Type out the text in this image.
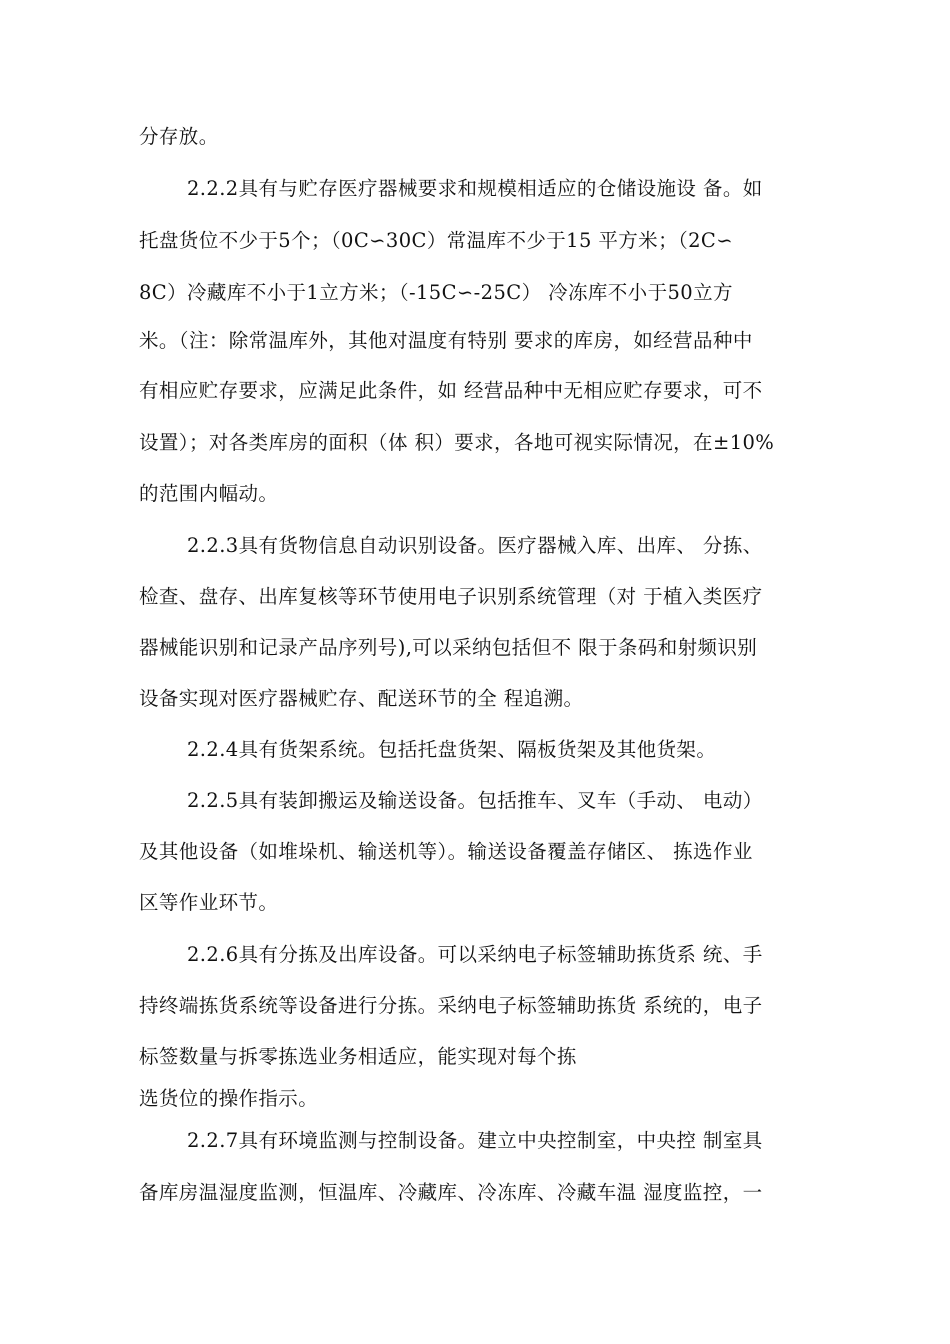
分存放。
2.2.2具有与贮存医疗器械要求和规模相适应的仓储设施设 备。如
托盘货位不少于5个；（0C∽30C）常温库不少于15 平方米；（2C∽
8C）冷藏库不小于1立方米；（-15C∽-25C） 冷冻库不小于50立方
米。（注：除常温库外，其他对温度有特别 要求的库房，如经营品种中
有相应贮存要求，应满足此条件，如 经营品种中无相应贮存要求，可不
设置）；对各类库房的面积（体 积）要求，各地可视实际情况，在±10%
的范围内幅动。
2.2.3具有货物信息自动识别设备。医疗器械入库、出库、 分拣、
检查、盘存、出库复核等环节使用电子识别系统管理（对 于植入类医疗
器械能识别和记录产品序列号),可以采纳包括但不 限于条码和射频识别
设备实现对医疗器械贮存、配送环节的全 程追溯。
2.2.4具有货架系统。包括托盘货架、隔板货架及其他货架。
2.2.5具有装卸搬运及输送设备。包括推车、叉车（手动、 电动）
及其他设备（如堆垛机、输送机等）。输送设备覆盖存储区、 拣选作业
区等作业环节。
2.2.6具有分拣及出库设备。可以采纳电子标签辅助拣货系 统、手
持终端拣货系统等设备进行分拣。采纳电子标签辅助拣货 系统的，电子
标签数量与拆零拣选业务相适应，能实现对每个拣
选货位的操作指示。
2.2.7具有环境监测与控制设备。建立中央控制室，中央控 制室具
备库房温湿度监测，恒温库、冷藏库、冷冻库、冷藏车温 湿度监控，一
